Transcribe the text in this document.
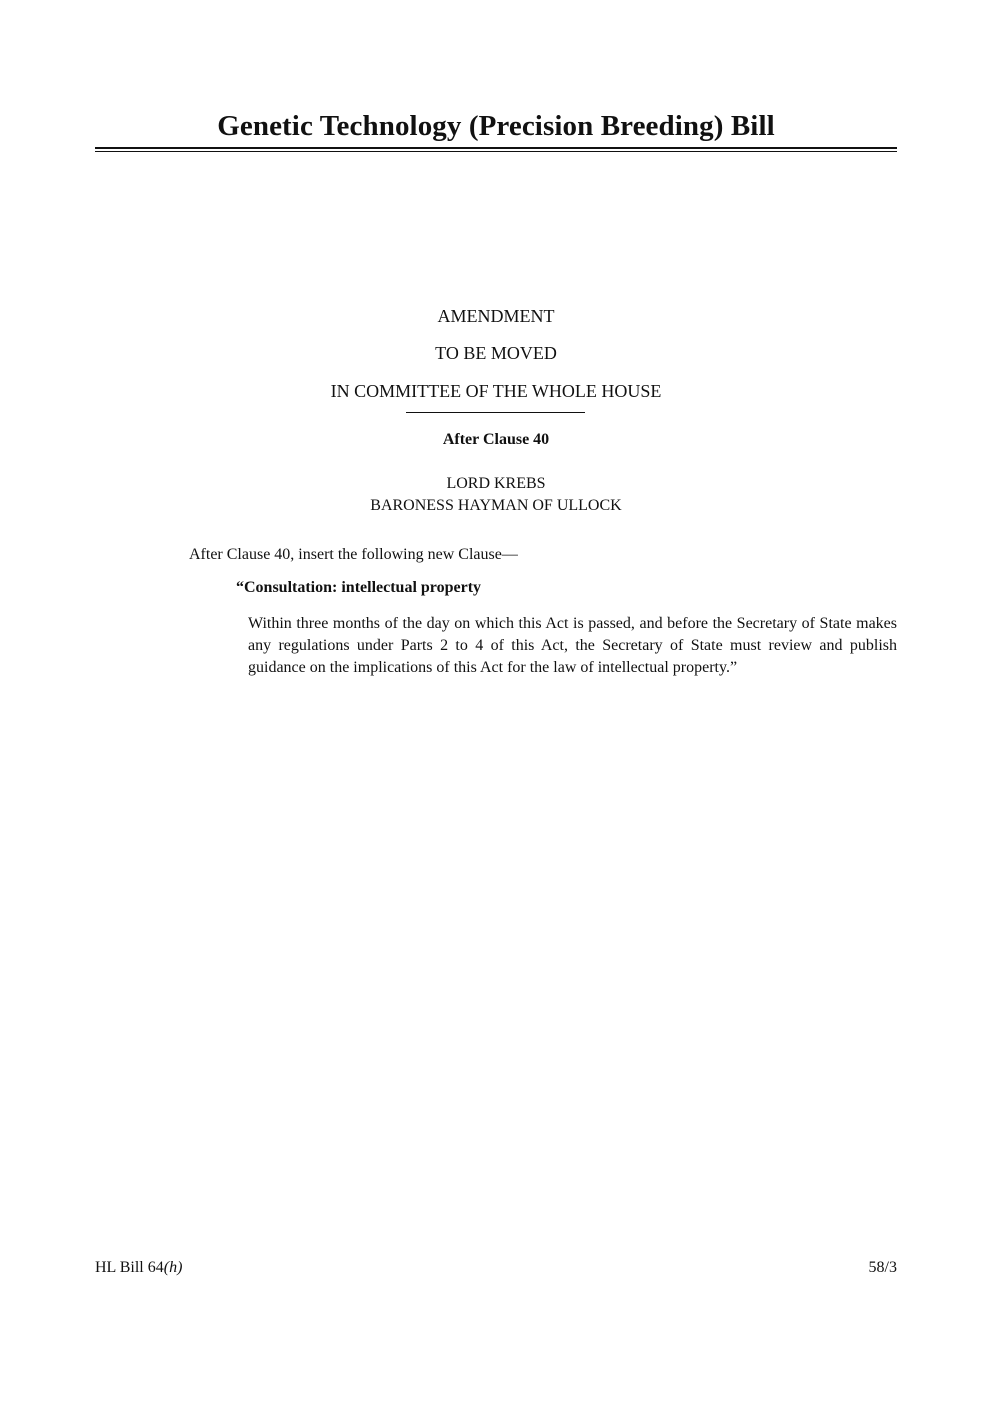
Genetic Technology (Precision Breeding) Bill
AMENDMENT
TO BE MOVED
IN COMMITTEE OF THE WHOLE HOUSE
After Clause 40
LORD KREBS
BARONESS HAYMAN OF ULLOCK
After Clause 40, insert the following new Clause—
“Consultation: intellectual property
Within three months of the day on which this Act is passed, and before the Secretary of State makes any regulations under Parts 2 to 4 of this Act, the Secretary of State must review and publish guidance on the implications of this Act for the law of intellectual property.”
HL Bill 64(h)	58/3
